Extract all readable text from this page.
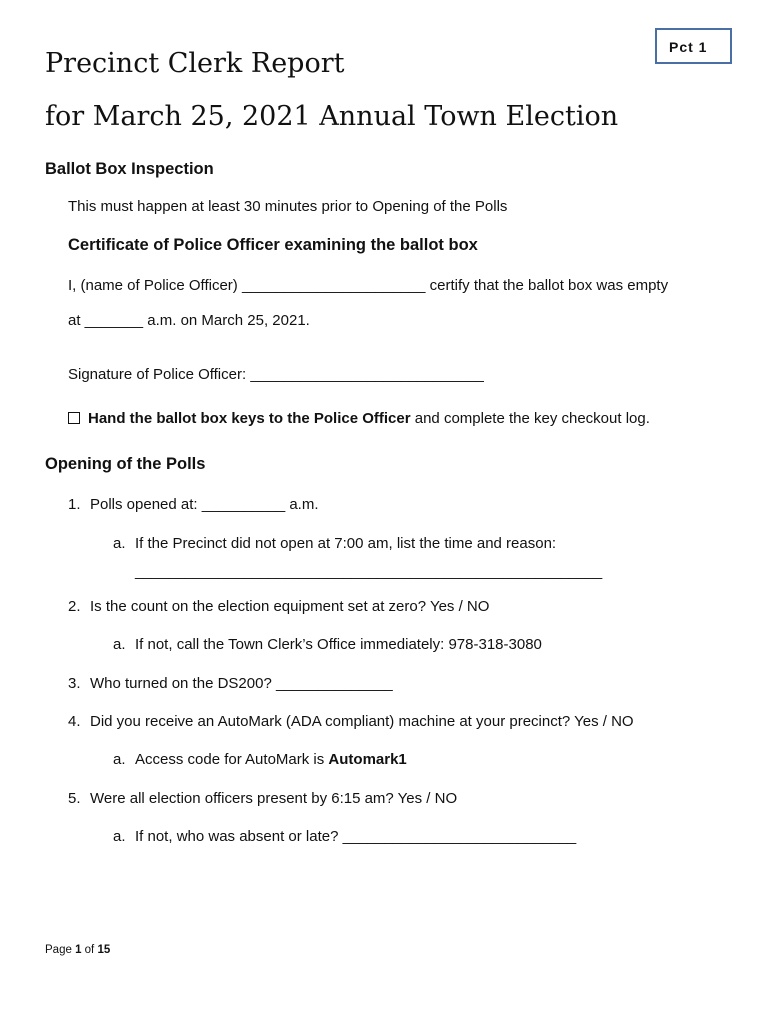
Pct 1
Precinct Clerk Report
for March 25, 2021 Annual Town Election
Ballot Box Inspection
This must happen at least 30 minutes prior to Opening of the Polls
Certificate of Police Officer examining the ballot box
I, (name of Police Officer) ______________________ certify that the ballot box was empty
at _______ a.m. on March 25, 2021.
Signature of Police Officer: ____________________________
Hand the ballot box keys to the Police Officer and complete the key checkout log.
Opening of the Polls
1. Polls opened at: __________ a.m.
a. If the Precinct did not open at 7:00 am, list the time and reason:
________________________________________________________
2. Is the count on the election equipment set at zero? Yes / NO
a. If not, call the Town Clerk’s Office immediately: 978-318-3080
3. Who turned on the DS200? ______________
4. Did you receive an AutoMark (ADA compliant) machine at your precinct? Yes / NO
a. Access code for AutoMark is Automark1
5. Were all election officers present by 6:15 am? Yes / NO
a. If not, who was absent or late? ____________________________
Page 1 of 15
